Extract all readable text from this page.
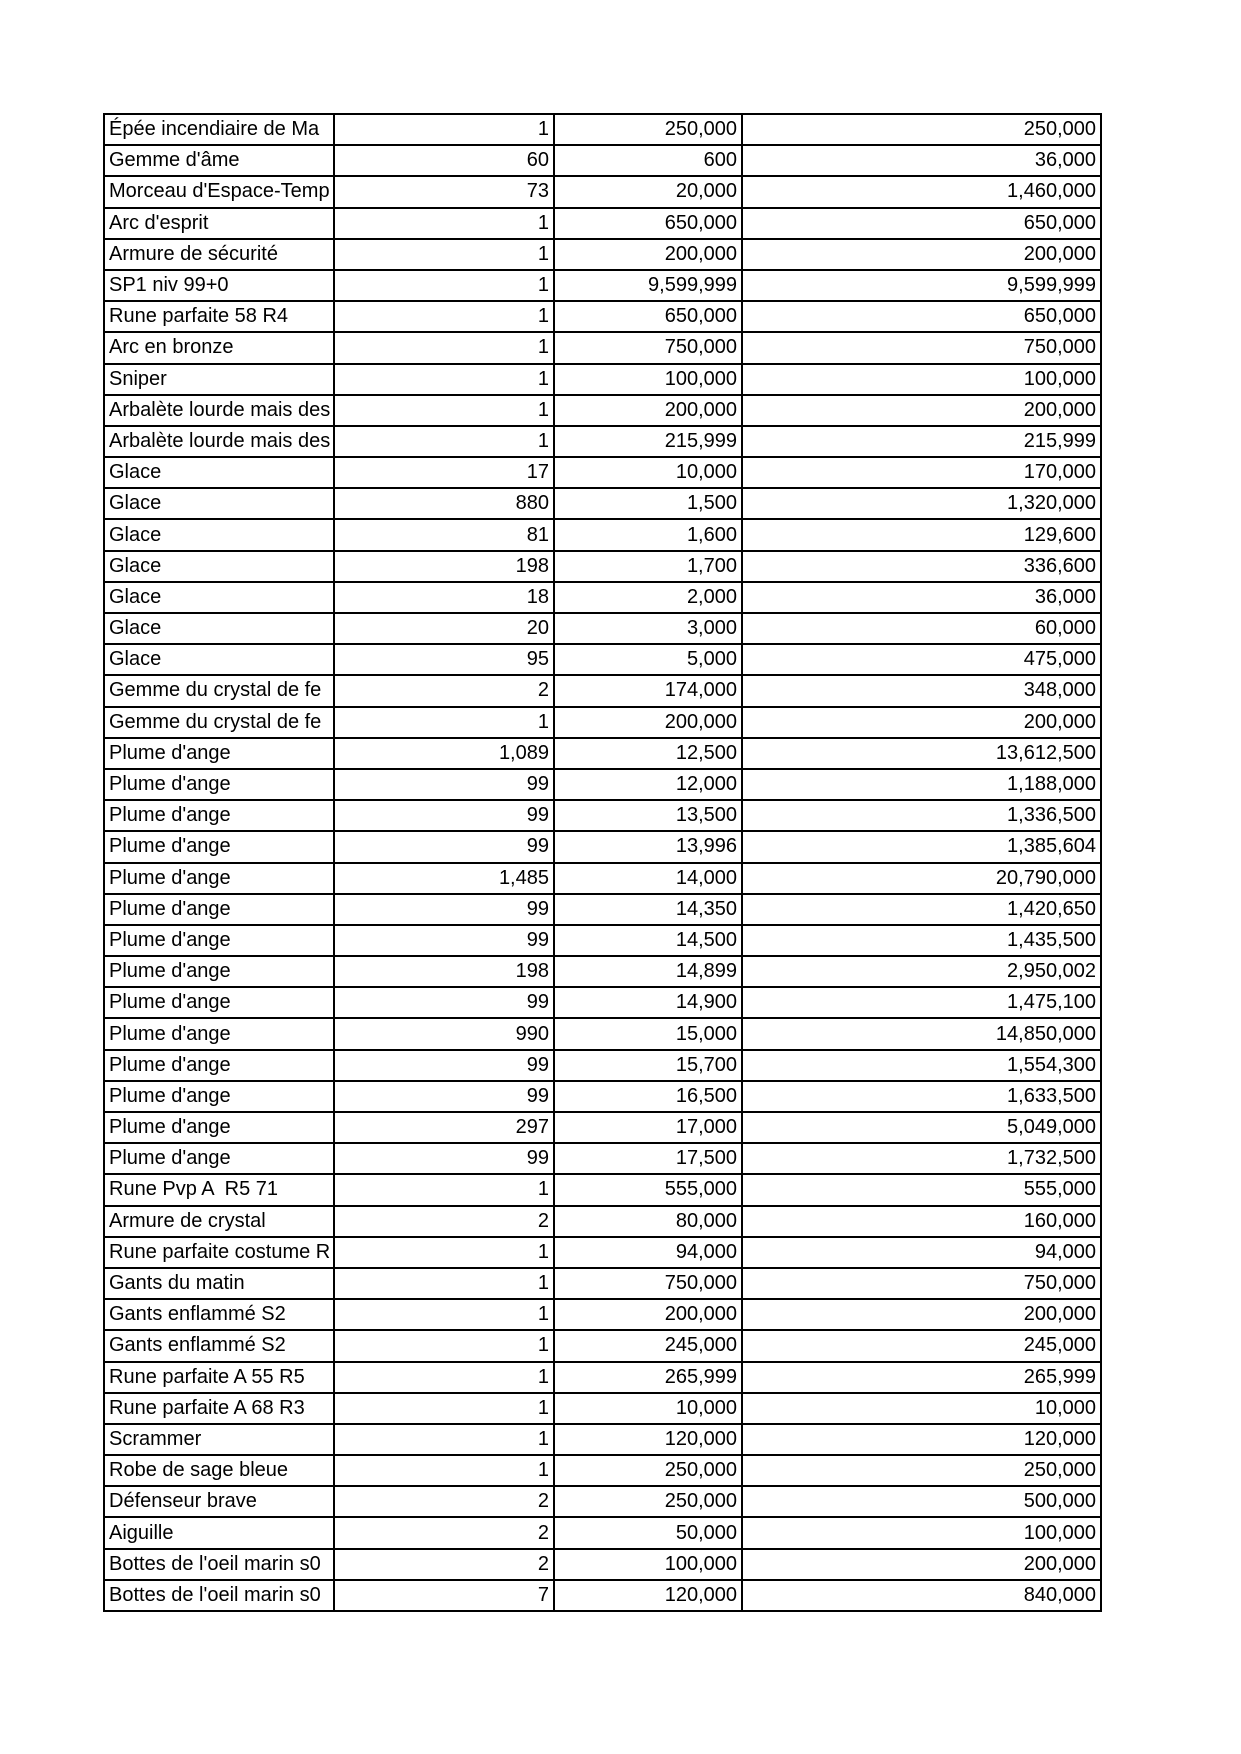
Épée incendiaire de Ma	1	250,000	250,000
Gemme d'âme	60	600	36,000
Morceau d'Espace-Temp	73	20,000	1,460,000
Arc d'esprit	1	650,000	650,000
Armure de sécurité	1	200,000	200,000
SP1 niv 99+0	1	9,599,999	9,599,999
Rune parfaite 58 R4	1	650,000	650,000
Arc en bronze	1	750,000	750,000
Sniper	1	100,000	100,000
Arbalète lourde mais des	1	200,000	200,000
Arbalète lourde mais des	1	215,999	215,999
Glace	17	10,000	170,000
Glace	880	1,500	1,320,000
Glace	81	1,600	129,600
Glace	198	1,700	336,600
Glace	18	2,000	36,000
Glace	20	3,000	60,000
Glace	95	5,000	475,000
Gemme du crystal de fe	2	174,000	348,000
Gemme du crystal de fe	1	200,000	200,000
Plume d'ange	1,089	12,500	13,612,500
Plume d'ange	99	12,000	1,188,000
Plume d'ange	99	13,500	1,336,500
Plume d'ange	99	13,996	1,385,604
Plume d'ange	1,485	14,000	20,790,000
Plume d'ange	99	14,350	1,420,650
Plume d'ange	99	14,500	1,435,500
Plume d'ange	198	14,899	2,950,002
Plume d'ange	99	14,900	1,475,100
Plume d'ange	990	15,000	14,850,000
Plume d'ange	99	15,700	1,554,300
Plume d'ange	99	16,500	1,633,500
Plume d'ange	297	17,000	5,049,000
Plume d'ange	99	17,500	1,732,500
Rune Pvp A  R5 71	1	555,000	555,000
Armure de crystal	2	80,000	160,000
Rune parfaite costume R	1	94,000	94,000
Gants du matin	1	750,000	750,000
Gants enflammé S2	1	200,000	200,000
Gants enflammé S2	1	245,000	245,000
Rune parfaite A 55 R5	1	265,999	265,999
Rune parfaite A 68 R3	1	10,000	10,000
Scrammer	1	120,000	120,000
Robe de sage bleue	1	250,000	250,000
Défenseur brave	2	250,000	500,000
Aiguille	2	50,000	100,000
Bottes de l'oeil marin s0	2	100,000	200,000
Bottes de l'oeil marin s0	7	120,000	840,000
